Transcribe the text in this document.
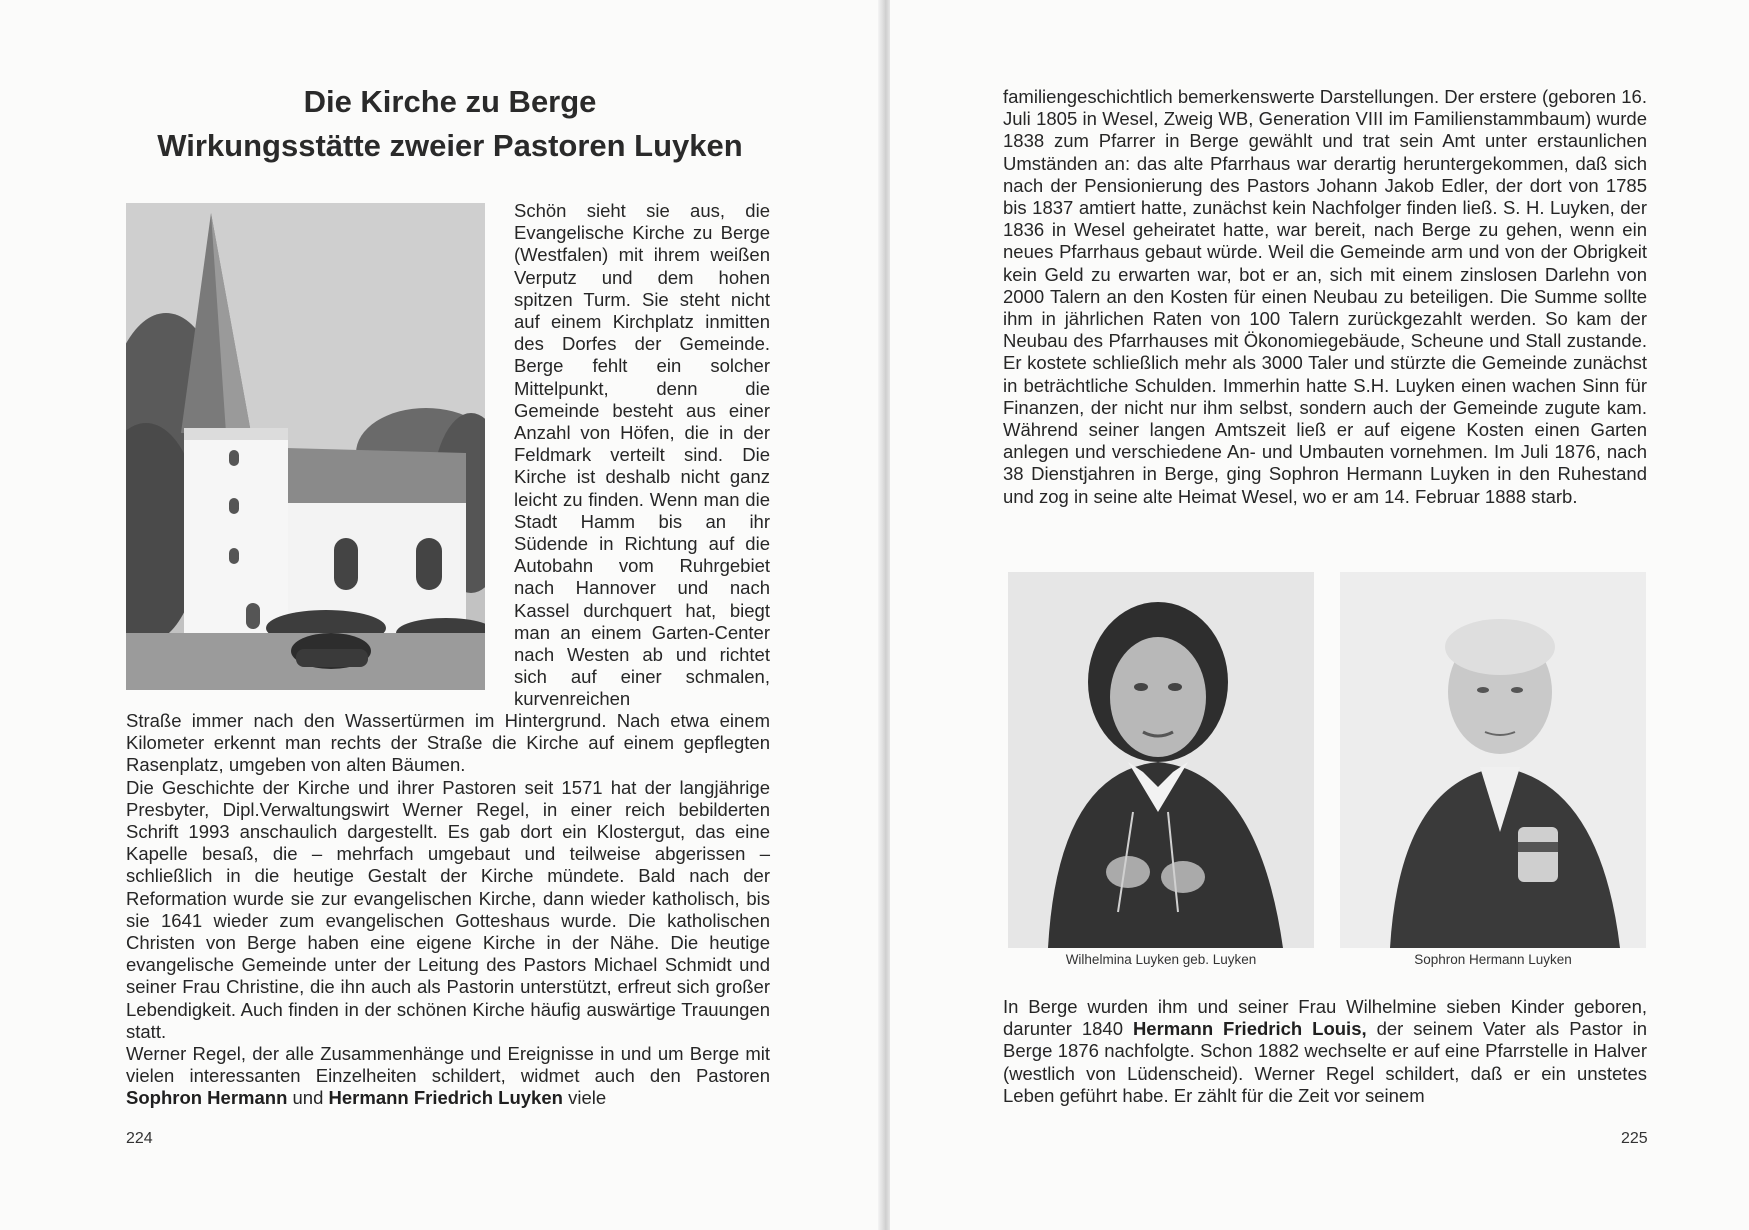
Die Kirche zu Berge
Wirkungsstätte zweier Pastoren Luyken
Schön sieht sie aus, die Evangelische Kirche zu Berge (Westfalen) mit ihrem weißen Verputz und dem hohen spitzen Turm. Sie steht nicht auf einem Kirchplatz inmitten des Dorfes der Gemeinde. Berge fehlt ein solcher Mittelpunkt, denn die Gemeinde besteht aus einer Anzahl von Höfen, die in der Feldmark verteilt sind. Die Kirche ist deshalb nicht ganz leicht zu finden. Wenn man die Stadt Hamm bis an ihr Südende in Richtung auf die Autobahn vom Ruhrgebiet nach Hannover und nach Kassel durchquert hat, biegt man an einem Garten-Center nach Westen ab und richtet sich auf einer schmalen, kurvenreichen
Straße immer nach den Wassertürmen im Hintergrund. Nach etwa einem Kilometer erkennt man rechts der Straße die Kirche auf einem gepflegten Rasenplatz, umgeben von alten Bäumen.
Die Geschichte der Kirche und ihrer Pastoren seit 1571 hat der langjährige Presbyter, Dipl.Verwaltungswirt Werner Regel, in einer reich bebilderten Schrift 1993 anschaulich dargestellt. Es gab dort ein Klostergut, das eine Kapelle besaß, die – mehrfach umgebaut und teilweise abgerissen – schließlich in die heutige Gestalt der Kirche mündete. Bald nach der Reformation wurde sie zur evangelischen Kirche, dann wieder katholisch, bis sie 1641 wieder zum evangelischen Gotteshaus wurde. Die katholischen Christen von Berge haben eine eigene Kirche in der Nähe. Die heutige evangelische Gemeinde unter der Leitung des Pastors Michael Schmidt und seiner Frau Christine, die ihn auch als Pastorin unterstützt, erfreut sich großer Lebendigkeit. Auch finden in der schönen Kirche häufig auswärtige Trauungen statt.
Werner Regel, der alle Zusammenhänge und Ereignisse in und um Berge mit vielen interessanten Einzelheiten schildert, widmet auch den Pastoren Sophron Hermann und Hermann Friedrich Luyken viele
224
familiengeschichtlich bemerkenswerte Darstellungen. Der erstere (geboren 16. Juli 1805 in Wesel, Zweig WB, Generation VIII im Familienstammbaum) wurde 1838 zum Pfarrer in Berge gewählt und trat sein Amt unter erstaunlichen Umständen an: das alte Pfarrhaus war derartig heruntergekommen, daß sich nach der Pensionierung des Pastors Johann Jakob Edler, der dort von 1785 bis 1837 amtiert hatte, zunächst kein Nachfolger finden ließ. S. H. Luyken, der 1836 in Wesel geheiratet hatte, war bereit, nach Berge zu gehen, wenn ein neues Pfarrhaus gebaut würde. Weil die Gemeinde arm und von der Obrigkeit kein Geld zu erwarten war, bot er an, sich mit einem zinslosen Darlehn von 2000 Talern an den Kosten für einen Neubau zu beteiligen. Die Summe sollte ihm in jährlichen Raten von 100 Talern zurückgezahlt werden. So kam der Neubau des Pfarrhauses mit Ökonomiegebäude, Scheune und Stall zustande. Er kostete schließlich mehr als 3000 Taler und stürzte die Gemeinde zunächst in beträchtliche Schulden. Immerhin hatte S.H. Luyken einen wachen Sinn für Finanzen, der nicht nur ihm selbst, sondern auch der Gemeinde zugute kam. Während seiner langen Amtszeit ließ er auf eigene Kosten einen Garten anlegen und verschiedene An- und Umbauten vornehmen. Im Juli 1876, nach 38 Dienstjahren in Berge, ging Sophron Hermann Luyken in den Ruhestand und zog in seine alte Heimat Wesel, wo er am 14. Februar 1888 starb.
Wilhelmina Luyken geb. Luyken	Sophron Hermann Luyken
In Berge wurden ihm und seiner Frau Wilhelmine sieben Kinder geboren, darunter 1840 Hermann Friedrich Louis, der seinem Vater als Pastor in Berge 1876 nachfolgte. Schon 1882 wechselte er auf eine Pfarrstelle in Halver (westlich von Lüdenscheid). Werner Regel schildert, daß er ein unstetes Leben geführt habe. Er zählt für die Zeit vor seinem
225
